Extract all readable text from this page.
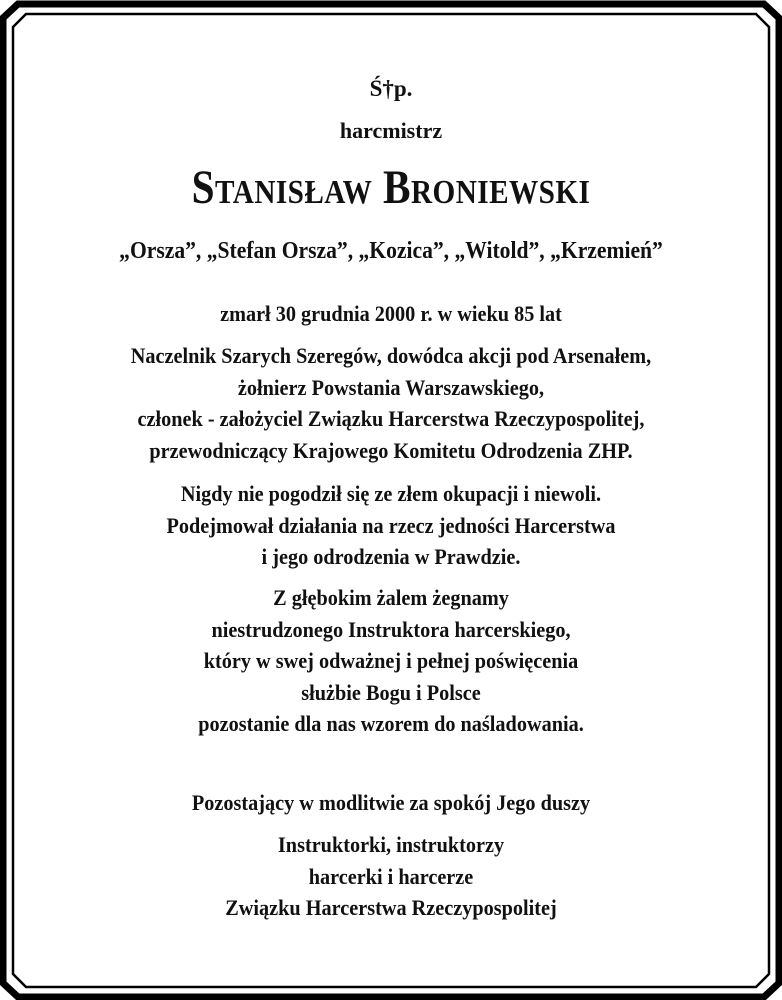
Ś†p.
harcmistrz
Stanisław Broniewski
„Orsza”, „Stefan Orsza”, „Kozica”, „Witold”, „Krzemień”
zmarł 30 grudnia 2000 r. w wieku 85 lat
Naczelnik Szarych Szeregów, dowódca akcji pod Arsenałem,
żołnierz Powstania Warszawskiego,
członek - założyciel Związku Harcerstwa Rzeczypospolitej,
przewodniczący Krajowego Komitetu Odrodzenia ZHP.
Nigdy nie pogodził się ze złem okupacji i niewoli.
Podejmował działania na rzecz jedności Harcerstwa
i jego odrodzenia w Prawdzie.
Z głębokim żalem żegnamy
niestrudzonego Instruktora harcerskiego,
który w swej odważnej i pełnej poświęcenia
służbie Bogu i Polsce
pozostanie dla nas wzorem do naśladowania.
Pozostający w modlitwie za spokój Jego duszy
Instruktorki, instruktorzy
harcerki i harcerze
Związku Harcerstwa Rzeczypospolitej
